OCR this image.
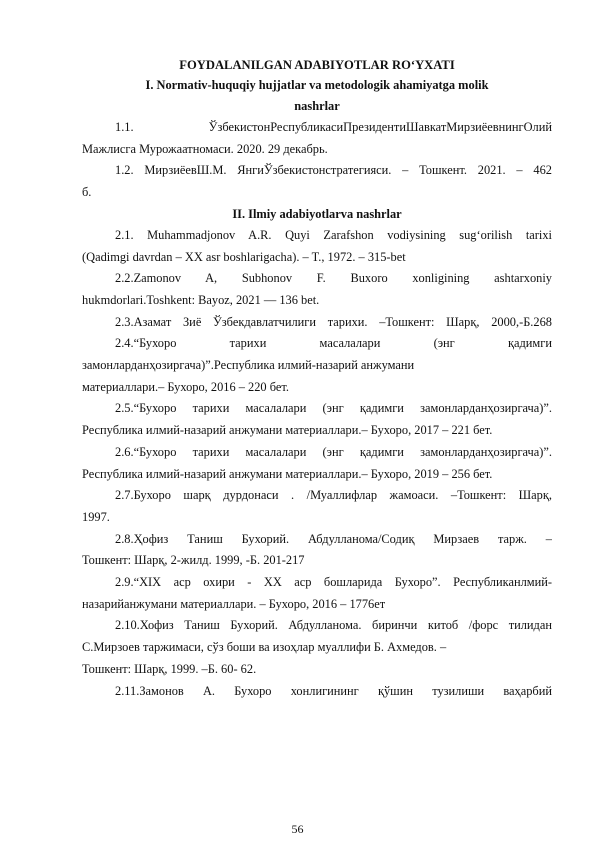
FOYDALANILGAN ADABIYOTLAR RO‘YXATI

I. Normativ-huquqiy hujjatlar va metodologik ahamiyatga molik

nashrlar

1.1. ЎзбекистонРеспубликасиПрезидентиШавкатМирзиёевнингОлий
Мажлисга Мурожаатномаси. 2020. 29 декабрь.
1.2. МирзиёевШ.М. ЯнгиЎзбекистонстратегияси. – Тошкент. 2021. – 462
б.

II. Ilmiy adabiyotlarva nashrlar

2.1. Muhammadjonov A.R. Quyi Zarafshon vodiysining sug‘orilish tarixi
(Qadimgi davrdan – XX asr boshlarigacha). – T., 1972. – 315-bet
2.2.Zamonov A, Subhonov F. Buxoro xonligining ashtarxoniy
hukmdorlari.Toshkent: Bayoz, 2021 — 136 bet.
2.3.Азамат Зиё Ўзбекдавлатчилиги тарихи. –Тошкент: Шарқ, 2000,-Б.268
2.4.“Бухоро тарихи масалалари (энг қадимги
замонларданҳозиргача)”.Республика илмий-назарий анжумани
материаллари.– Бухоро, 2016 – 220 бет.
2.5.“Бухоро тарихи масалалари (энг қадимги замонларданҳозиргача)”.
Республика илмий-назарий анжумани материаллари.– Бухоро, 2017 – 221 бет.
2.6.“Бухоро тарихи масалалари (энг қадимги замонларданҳозиргача)”.
Республика илмий-назарий анжумани материаллари.– Бухоро, 2019 – 256 бет.
2.7.Бухоро шарқ дурдонаси . /Муаллифлар жамоаси. –Тошкент: Шарқ,
1997.
2.8.Ҳофиз Таниш Бухорий. Абдулланома/Содиқ Мирзаев тарж. –
Тошкент: Шарқ, 2-жилд. 1999, -Б. 201-217
2.9.“XIX аср охири - XX аср бошларида Бухоро”. Республиканлмий-
назарийанжумани материаллари. – Бухоро, 2016 – 1776ет
2.10.Хофиз Таниш Бухорий. Абдулланома. биринчи китоб /форс тилидан
С.Мирзоев таржимаси, сўз боши ва изоҳлар муаллифи Б. Ахмедов. –
Тошкент: Шарқ, 1999. –Б. 60- 62.
2.11.Замонов А. Бухоро хонлигининг қўшин тузилиши ваҳарбий
56
